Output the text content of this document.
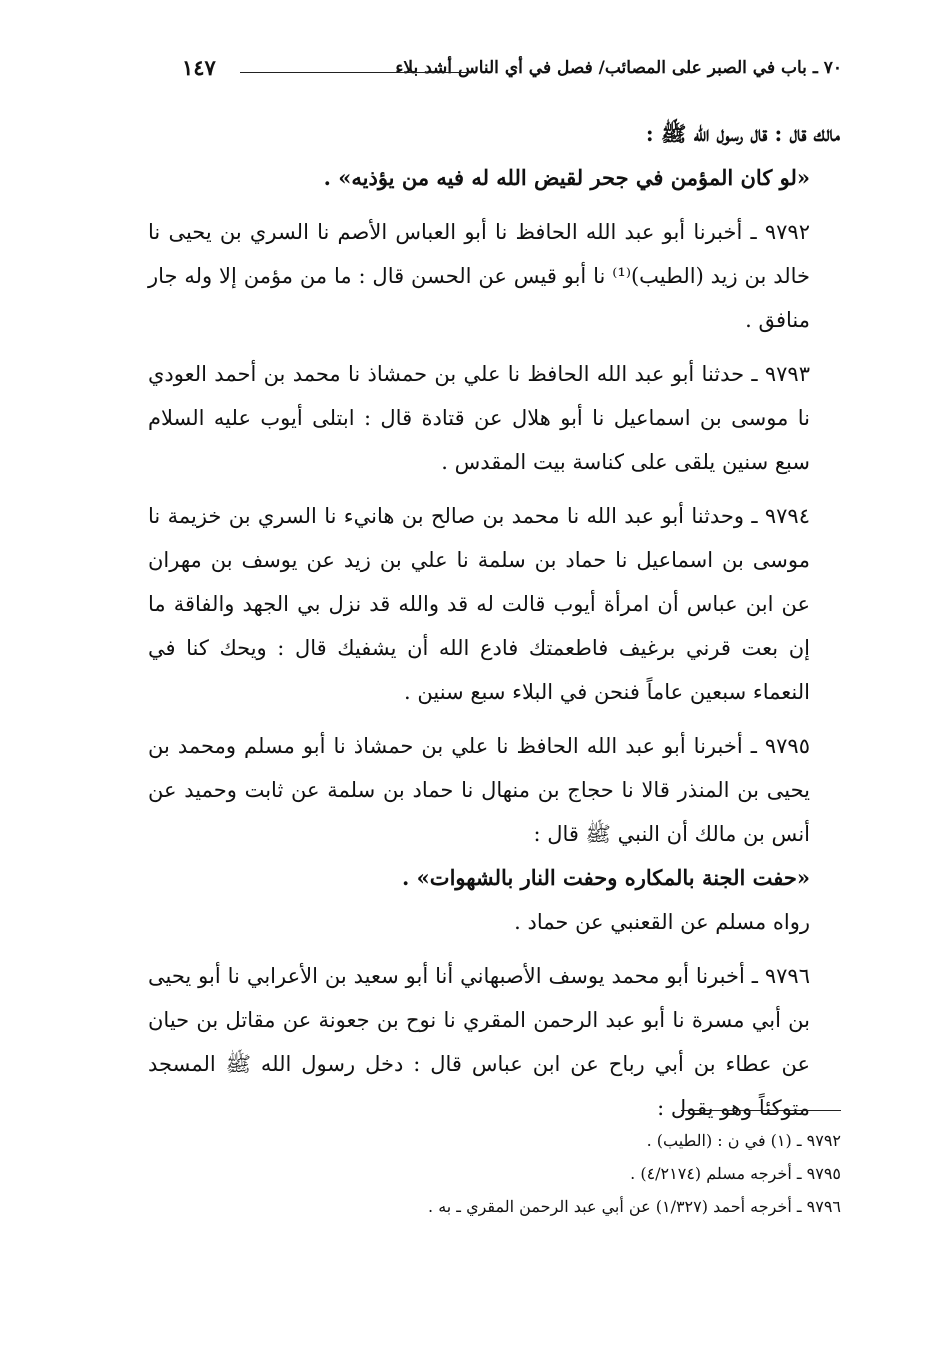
٧٠ ـ باب في الصبر على المصائب/ فصل في أي الناس أشد بلاء
١٤٧

مالك قال : قال رسول الله ﷺ :

«لو كان المؤمن في جحر لقيض الله له فيه من يؤذيه» .

٩٧٩٢ ـ أخبرنا أبو عبد الله الحافظ نا أبو العباس الأصم نا السري بن يحيى نا خالد بن زيد (الطيب)⁽¹⁾ نا أبو قيس عن الحسن قال : ما من مؤمن إلا وله جار منافق .

٩٧٩٣ ـ حدثنا أبو عبد الله الحافظ نا علي بن حمشاذ نا محمد بن أحمد العودي نا موسى بن اسماعيل نا أبو هلال عن قتادة قال : ابتلى أيوب عليه السلام سبع سنين يلقى على كناسة بيت المقدس .

٩٧٩٤ ـ وحدثنا أبو عبد الله نا محمد بن صالح بن هانيء نا السري بن خزيمة نا موسى بن اسماعيل نا حماد بن سلمة نا علي بن زيد عن يوسف بن مهران عن ابن عباس أن امرأة أيوب قالت له قد والله قد نزل بي الجهد والفاقة ما إن بعت قرني برغيف فاطعمتك فادع الله أن يشفيك قال : ويحك كنا في النعماء سبعين عاماً فنحن في البلاء سبع سنين .

٩٧٩٥ ـ أخبرنا أبو عبد الله الحافظ نا علي بن حمشاذ نا أبو مسلم ومحمد بن يحيى بن المنذر قالا نا حجاج بن منهال نا حماد بن سلمة عن ثابت وحميد عن أنس بن مالك أن النبي ﷺ قال :

«حفت الجنة بالمكاره وحفت النار بالشهوات» .

رواه مسلم عن القعنبي عن حماد .

٩٧٩٦ ـ أخبرنا أبو محمد يوسف الأصبهاني أنا أبو سعيد بن الأعرابي نا أبو يحيى بن أبي مسرة نا أبو عبد الرحمن المقري نا نوح بن جعونة عن مقاتل بن حيان عن عطاء بن أبي رباح عن ابن عباس قال : دخل رسول الله ﷺ المسجد متوكئاً وهو يقول :

٩٧٩٢ ـ (١) في ن : (الطيب) .

٩٧٩٥ ـ أخرجه مسلم (٤/٢١٧٤) .

٩٧٩٦ ـ أخرجه أحمد (١/٣٢٧) عن أبي عبد الرحمن المقري ـ به .
